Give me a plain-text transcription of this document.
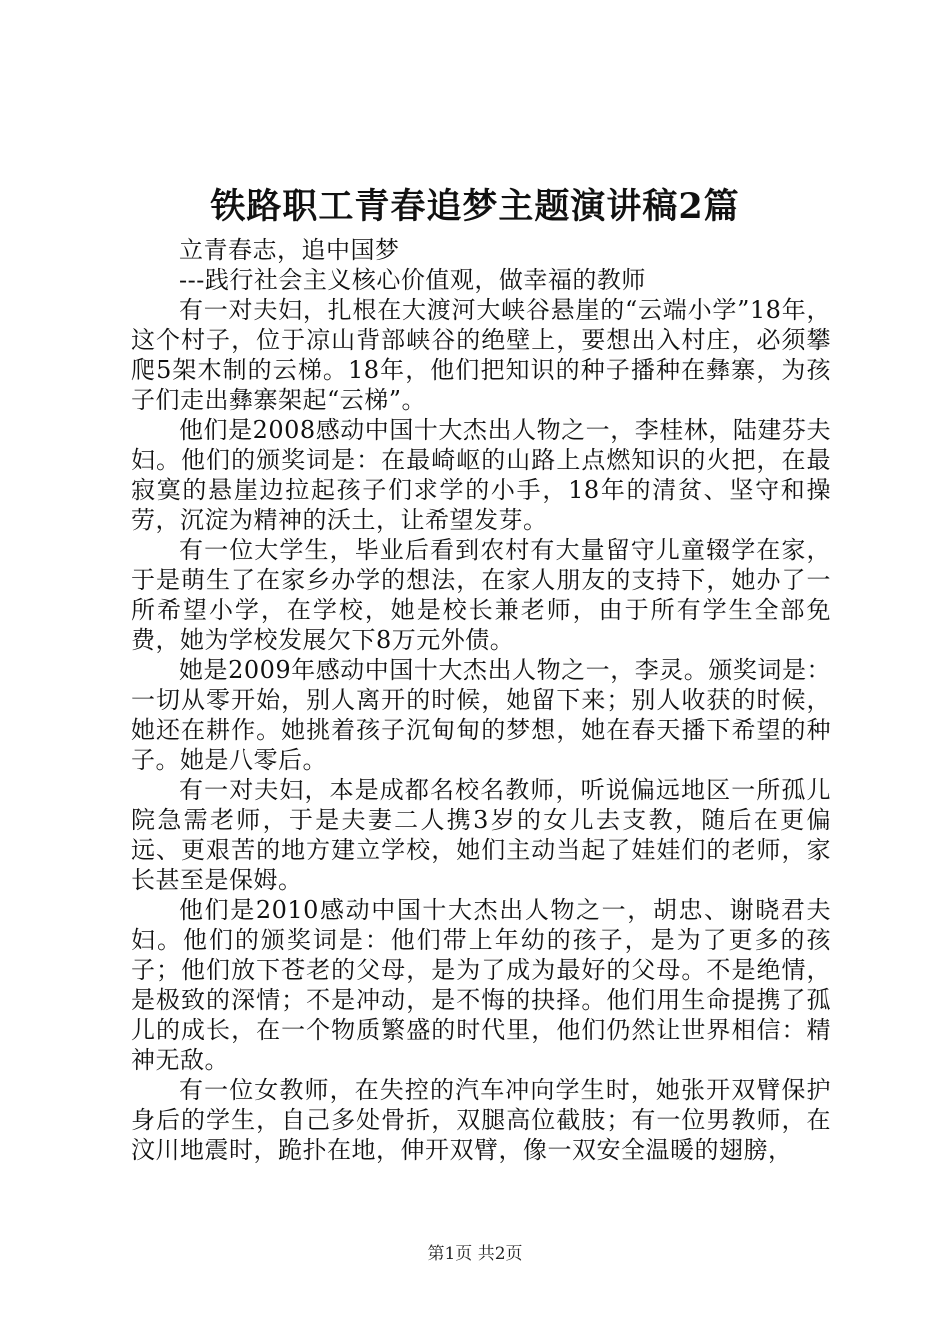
铁路职工青春追梦主题演讲稿2篇

立青春志，追中国梦

---践行社会主义核心价值观，做幸福的教师

有一对夫妇，扎根在大渡河大峡谷悬崖的“云端小学”18年，这个村子，位于凉山背部峡谷的绝壁上，要想出入村庄，必须攀爬5架木制的云梯。18年，他们把知识的种子播种在彝寨，为孩子们走出彝寨架起“云梯”。

他们是2008感动中国十大杰出人物之一，李桂林，陆建芬夫妇。他们的颁奖词是：在最崎岖的山路上点燃知识的火把，在最寂寞的悬崖边拉起孩子们求学的小手，18年的清贫、坚守和操劳，沉淀为精神的沃土，让希望发芽。

有一位大学生，毕业后看到农村有大量留守儿童辍学在家，于是萌生了在家乡办学的想法，在家人朋友的支持下，她办了一所希望小学，在学校，她是校长兼老师，由于所有学生全部免费，她为学校发展欠下8万元外债。

她是2009年感动中国十大杰出人物之一，李灵。颁奖词是：一切从零开始，别人离开的时候，她留下来；别人收获的时候，她还在耕作。她挑着孩子沉甸甸的梦想，她在春天播下希望的种子。她是八零后。

有一对夫妇，本是成都名校名教师，听说偏远地区一所孤儿院急需老师，于是夫妻二人携3岁的女儿去支教，随后在更偏远、更艰苦的地方建立学校，她们主动当起了娃娃们的老师，家长甚至是保姆。

他们是2010感动中国十大杰出人物之一，胡忠、谢晓君夫妇。他们的颁奖词是：他们带上年幼的孩子，是为了更多的孩子；他们放下苍老的父母，是为了成为最好的父母。不是绝情，是极致的深情；不是冲动，是不悔的抉择。他们用生命提携了孤儿的成长，在一个物质繁盛的时代里，他们仍然让世界相信：精神无敌。

有一位女教师，在失控的汽车冲向学生时，她张开双臂保护身后的学生，自己多处骨折，双腿高位截肢；有一位男教师，在汶川地震时，跪扑在地，伸开双臂，像一双安全温暖的翅膀，

第1页 共2页
